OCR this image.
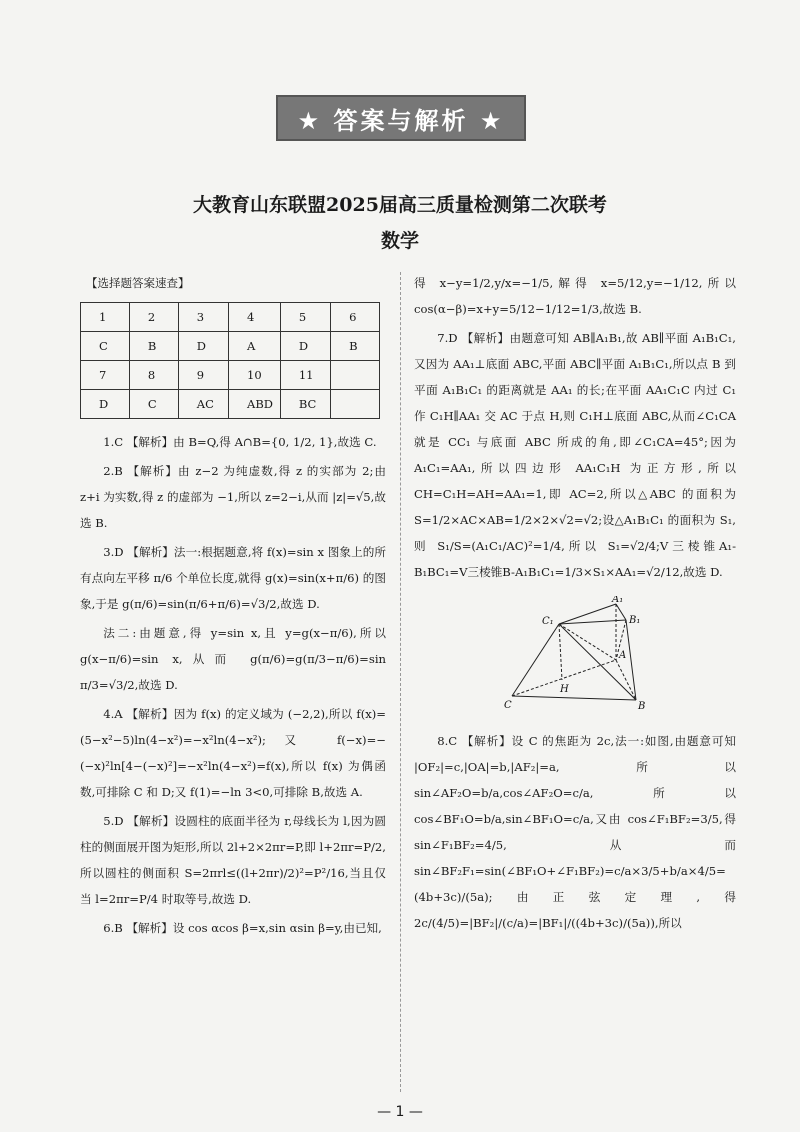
★ 答案与解析 ★
大教育山东联盟2025届高三质量检测第二次联考
数学
【选择题答案速查】
1	2	3	4	5	6
C	B	D	A	D	B
7	8	9	10	11	
D	C	AC	ABD	BC	

1.C 【解析】由 B=Q,得 A∩B={0, 1/2, 1},故选 C.

2.B 【解析】由 z−2 为纯虚数,得 z 的实部为 2;由 z+i 为实数,得 z 的虚部为 −1,所以 z=2−i,从而 |z|=√5,故选 B.

3.D 【解析】法一:根据题意,将 f(x)=sin x 图象上的所有点向左平移 π/6 个单位长度,就得 g(x)=sin(x+π/6) 的图象,于是 g(π/6)=sin(π/6+π/6)=√3/2,故选 D.

法二:由题意,得 y=sin x,且 y=g(x−π/6),所以 g(x−π/6)=sin x,从而 g(π/6)=g(π/3−π/6)=sin π/3=√3/2,故选 D.

4.A 【解析】因为 f(x) 的定义域为 (−2,2),所以 f(x)=(5−x²−5)ln(4−x²)=−x²ln(4−x²);又 f(−x)=−(−x)²ln[4−(−x)²]=−x²ln(4−x²)=f(x),所以 f(x) 为偶函数,可排除 C 和 D;又 f(1)=−ln 3<0,可排除 B,故选 A.

5.D 【解析】设圆柱的底面半径为 r,母线长为 l,因为圆柱的侧面展开图为矩形,所以 2l+2×2πr=P,即 l+2πr=P/2,所以圆柱的侧面积 S=2πrl≤((l+2πr)/2)²=P²/16,当且仅当 l=2πr=P/4 时取等号,故选 D.

6.B 【解析】设 cos αcos β=x,sin αsin β=y,由已知,

得 x−y=1/2,y/x=−1/5,解得 x=5/12,y=−1/12,所以 cos(α−β)=x+y=5/12−1/12=1/3,故选 B.

7.D 【解析】由题意可知 AB∥A₁B₁,故 AB∥平面 A₁B₁C₁,又因为 AA₁⊥底面 ABC,平面 ABC∥平面 A₁B₁C₁,所以点 B 到平面 A₁B₁C₁ 的距离就是 AA₁ 的长;在平面 AA₁C₁C 内过 C₁ 作 C₁H∥AA₁ 交 AC 于点 H,则 C₁H⊥底面 ABC,从而∠C₁CA 就是 CC₁ 与底面 ABC 所成的角,即∠C₁CA=45°;因为 A₁C₁=AA₁,所以四边形 AA₁C₁H 为正方形,所以 CH=C₁H=AH=AA₁=1,即 AC=2,所以△ABC 的面积为 S=1/2×AC×AB=1/2×2×√2=√2;设△A₁B₁C₁ 的面积为 S₁,则 S₁/S=(A₁C₁/AC)²=1/4,所以 S₁=√2/4;V三棱锥A₁-B₁BC₁=V三棱锥B-A₁B₁C₁=1/3×S₁×AA₁=√2/12,故选 D.

A₁
B₁
C₁
A
H
C	B

8.C 【解析】设 C 的焦距为 2c,法一:如图,由题意可知 |OF₂|=c,|OA|=b,|AF₂|=a,所以 sin∠AF₂O=b/a,cos∠AF₂O=c/a,所以 cos∠BF₁O=b/a,sin∠BF₁O=c/a,又由 cos∠F₁BF₂=3/5,得 sin∠F₁BF₂=4/5,从而 sin∠BF₂F₁=sin(∠BF₁O+∠F₁BF₂)=c/a×3/5+b/a×4/5=(4b+3c)/(5a);由正弦定理,得 2c/(4/5)=|BF₂|/(c/a)=|BF₁|/((4b+3c)/(5a)),所以

— 1 —
